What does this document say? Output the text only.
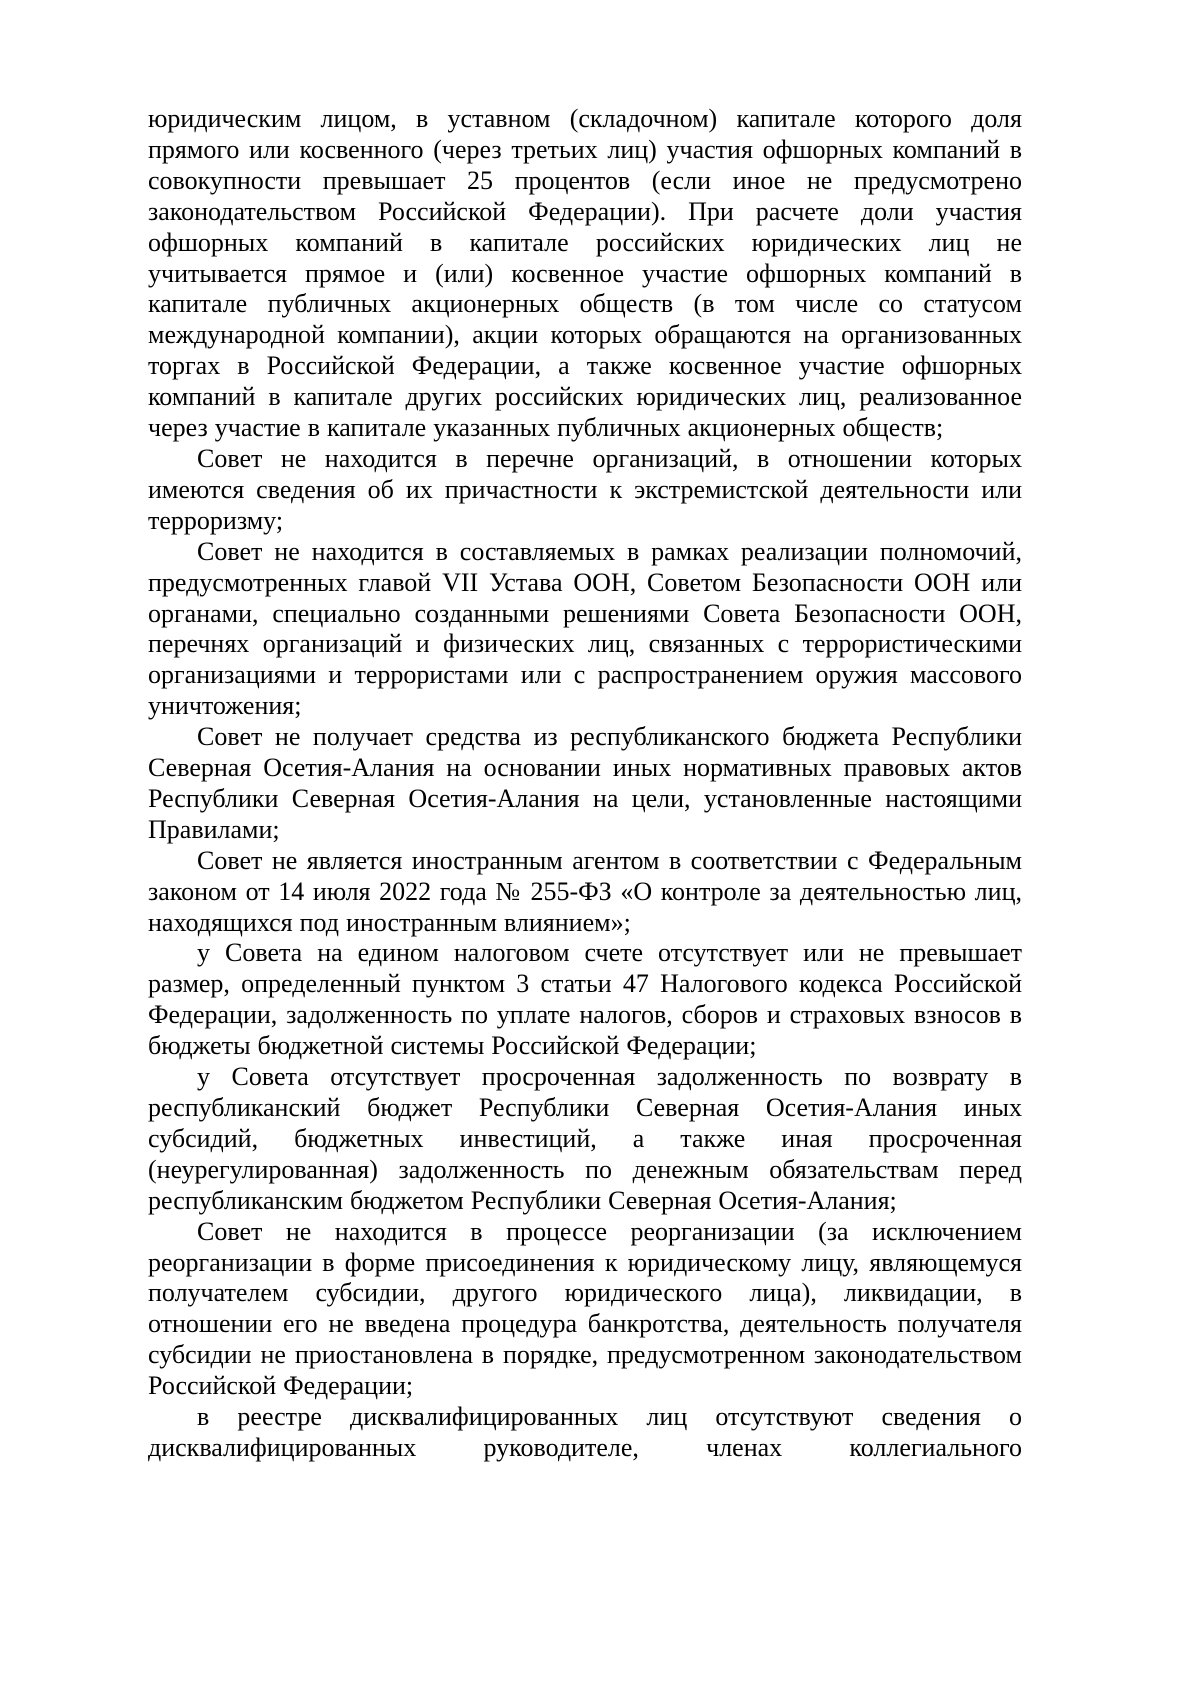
юридическим лицом, в уставном (складочном) капитале которого доля прямого или косвенного (через третьих лиц) участия офшорных компаний в совокупности превышает 25 процентов (если иное не предусмотрено законодательством Российской Федерации). При расчете доли участия офшорных компаний в капитале российских юридических лиц не учитывается прямое и (или) косвенное участие офшорных компаний в капитале публичных акционерных обществ (в том числе со статусом международной компании), акции которых обращаются на организованных торгах в Российской Федерации, а также косвенное участие офшорных компаний в капитале других российских юридических лиц, реализованное через участие в капитале указанных публичных акционерных обществ;

Совет не находится в перечне организаций, в отношении которых имеются сведения об их причастности к экстремистской деятельности или терроризму;

Совет не находится в составляемых в рамках реализации полномочий, предусмотренных главой VII Устава ООН, Советом Безопасности ООН или органами, специально созданными решениями Совета Безопасности ООН, перечнях организаций и физических лиц, связанных с террористическими организациями и террористами или с распространением оружия массового уничтожения;

Совет не получает средства из республиканского бюджета Республики Северная Осетия-Алания на основании иных нормативных правовых актов Республики Северная Осетия-Алания на цели, установленные настоящими Правилами;

Совет не является иностранным агентом в соответствии с Федеральным законом от 14 июля 2022 года № 255-ФЗ «О контроле за деятельностью лиц, находящихся под иностранным влиянием»;

у Совета на едином налоговом счете отсутствует или не превышает размер, определенный пунктом 3 статьи 47 Налогового кодекса Российской Федерации, задолженность по уплате налогов, сборов и страховых взносов в бюджеты бюджетной системы Российской Федерации;

у Совета отсутствует просроченная задолженность по возврату в республиканский бюджет Республики Северная Осетия-Алания иных субсидий, бюджетных инвестиций, а также иная просроченная (неурегулированная) задолженность по денежным обязательствам перед республиканским бюджетом Республики Северная Осетия-Алания;

Совет не находится в процессе реорганизации (за исключением реорганизации в форме присоединения к юридическому лицу, являющемуся получателем субсидии, другого юридического лица), ликвидации, в отношении его не введена процедура банкротства, деятельность получателя субсидии не приостановлена в порядке, предусмотренном законодательством Российской Федерации;

в реестре дисквалифицированных лиц отсутствуют сведения о дисквалифицированных руководителе, членах коллегиального
